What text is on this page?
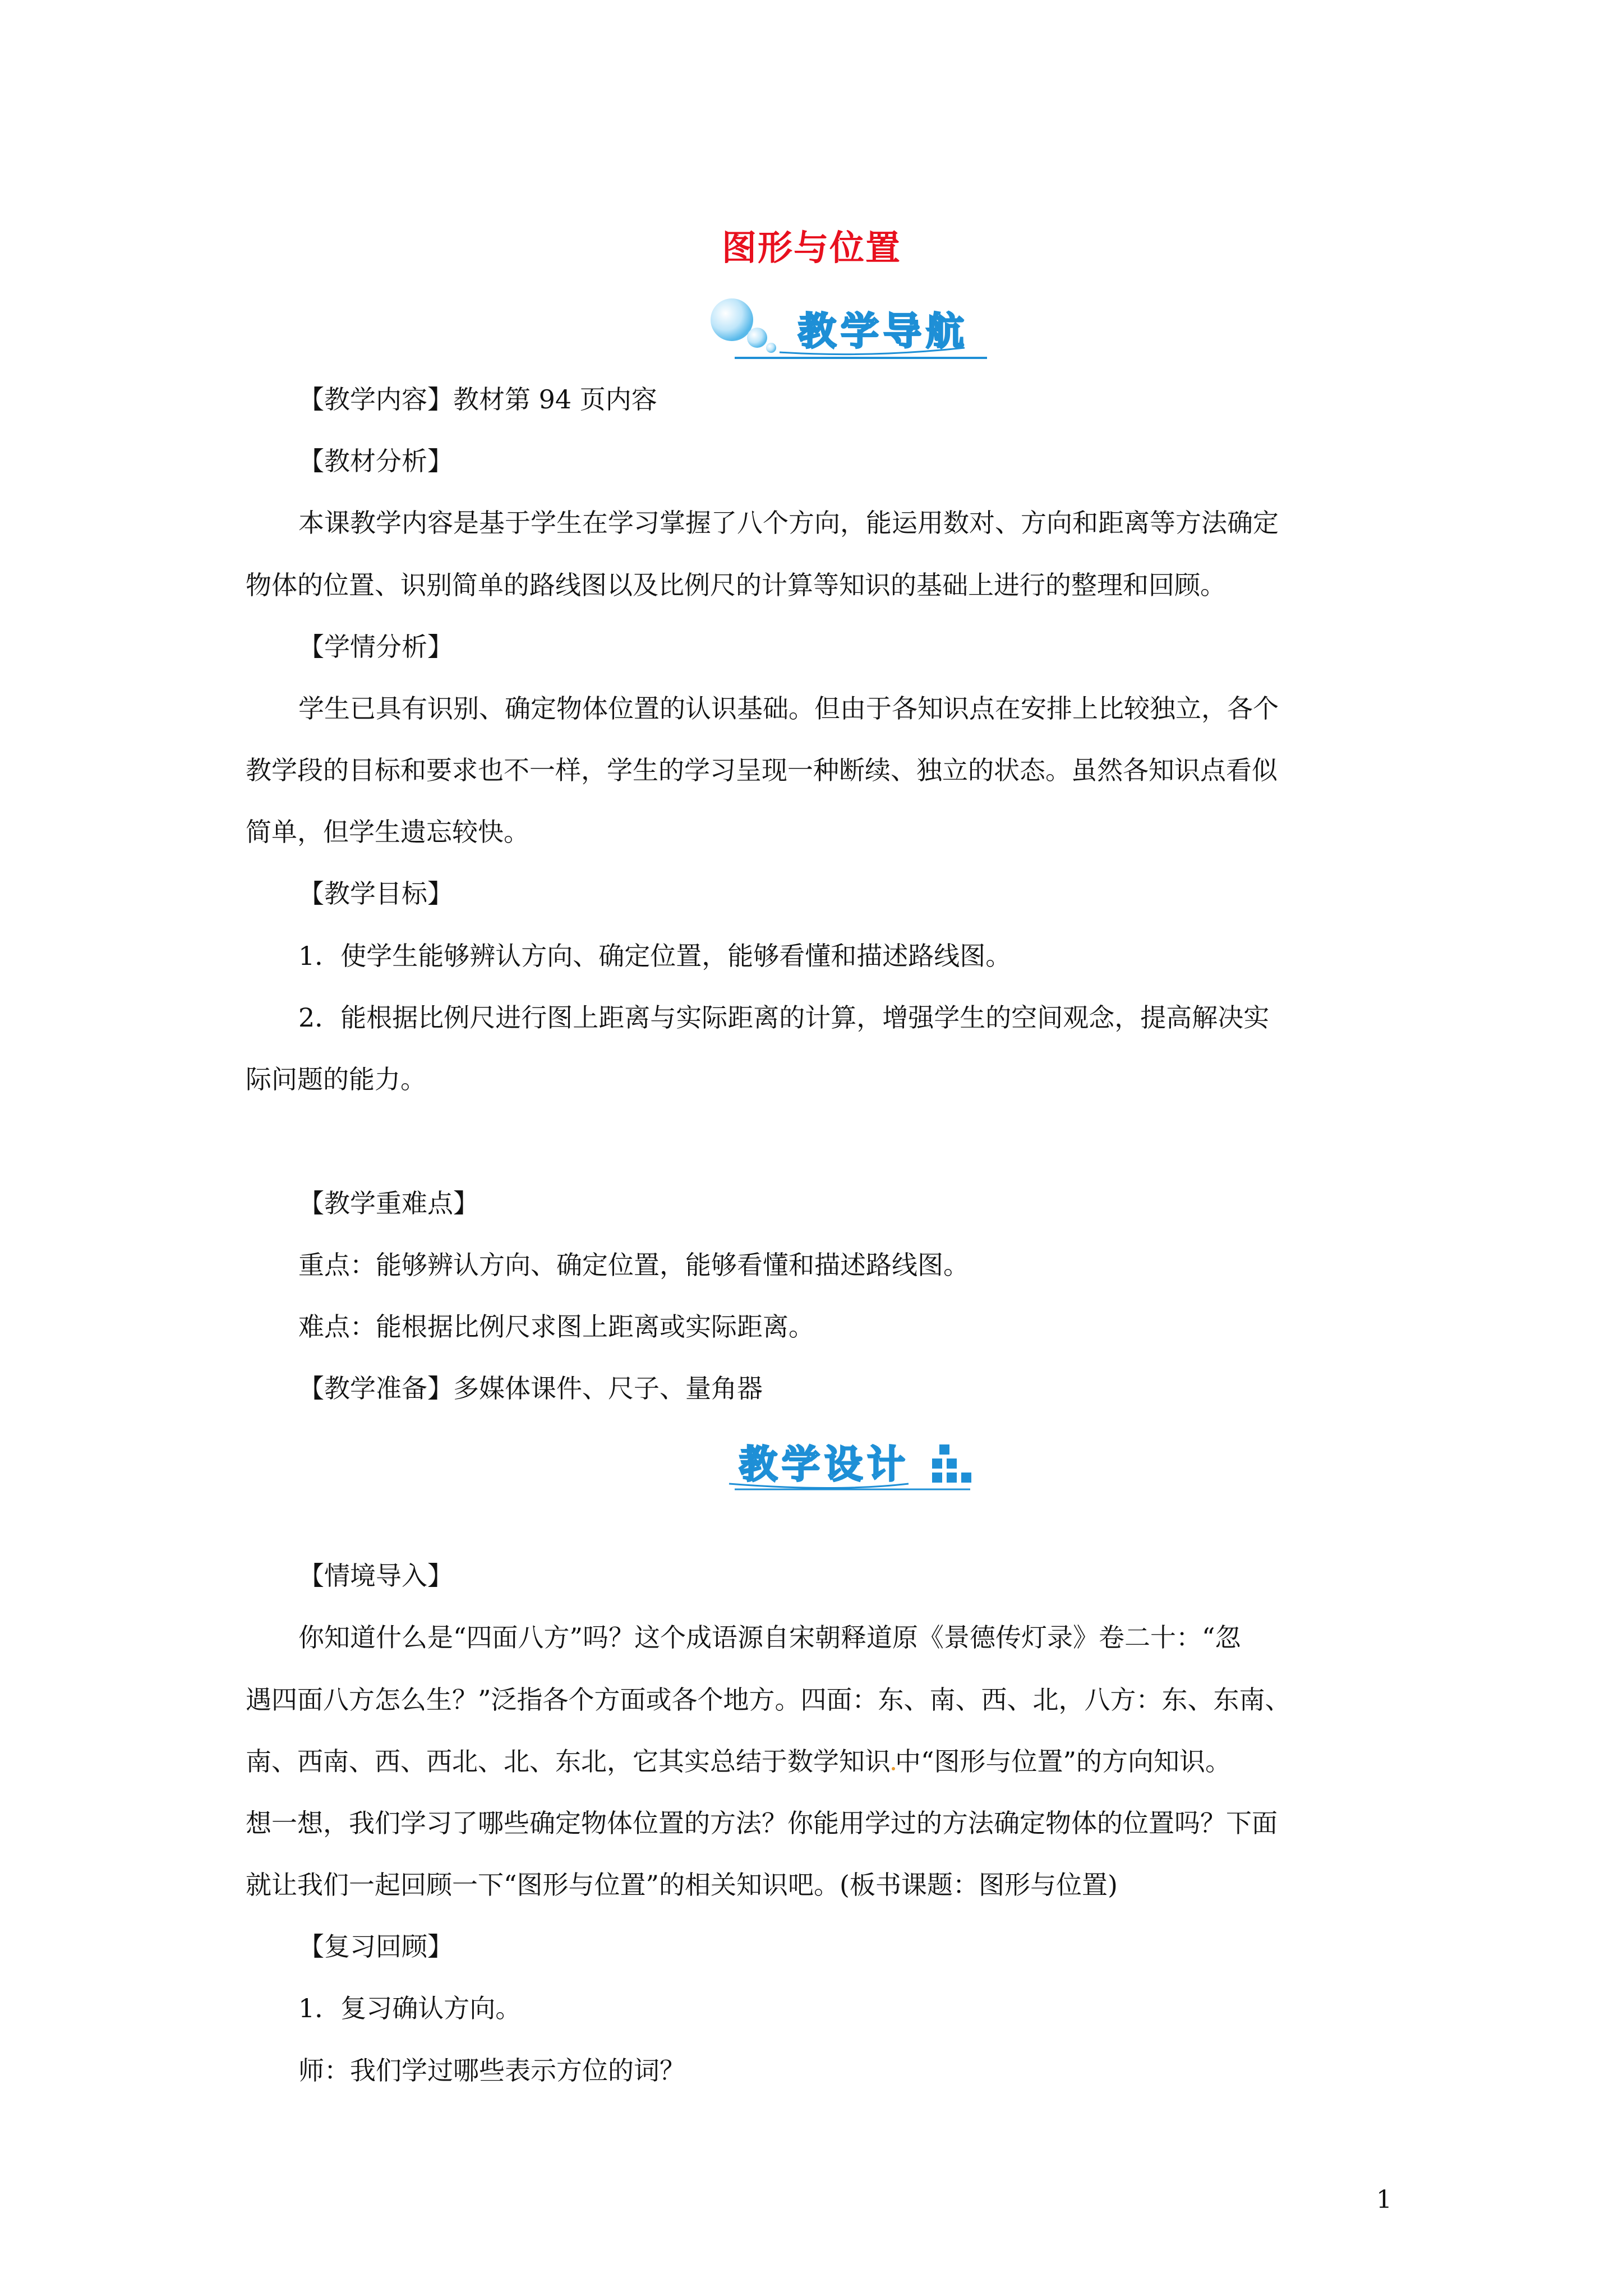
图形与位置
教学导航
【教学内容】教材第 94 页内容
【教材分析】
本课教学内容是基于学生在学习掌握了八个方向，能运用数对、方向和距离等方法确定
物体的位置、识别简单的路线图以及比例尺的计算等知识的基础上进行的整理和回顾。
【学情分析】
学生已具有识别、确定物体位置的认识基础。但由于各知识点在安排上比较独立，各个
教学段的目标和要求也不一样，学生的学习呈现一种断续、独立的状态。虽然各知识点看似
简单，但学生遗忘较快。
【教学目标】
1．使学生能够辨认方向、确定位置，能够看懂和描述路线图。
2．能根据比例尺进行图上距离与实际距离的计算，增强学生的空间观念，提高解决实
际问题的能力。
【教学重难点】
重点：能够辨认方向、确定位置，能够看懂和描述路线图。
难点：能根据比例尺求图上距离或实际距离。
【教学准备】多媒体课件、尺子、量角器
教学设计
【情境导入】
你知道什么是“四面八方”吗？这个成语源自宋朝释道原《景德传灯录》卷二十：“忽
遇四面八方怎么生？”泛指各个方面或各个地方。四面：东、南、西、北，八方：东、东南、
南、西南、西、西北、北、东北，它其实总结于数学知识 中“图形与位置”的方向知识。
想一想，我们学习了哪些确定物体位置的方法？你能用学过的方法确定物体的位置吗？下面
就让我们一起回顾一下“图形与位置”的相关知识吧。(板书课题：图形与位置)
【复习回顾】
1．复习确认方向。
师：我们学过哪些表示方位的词？
1
